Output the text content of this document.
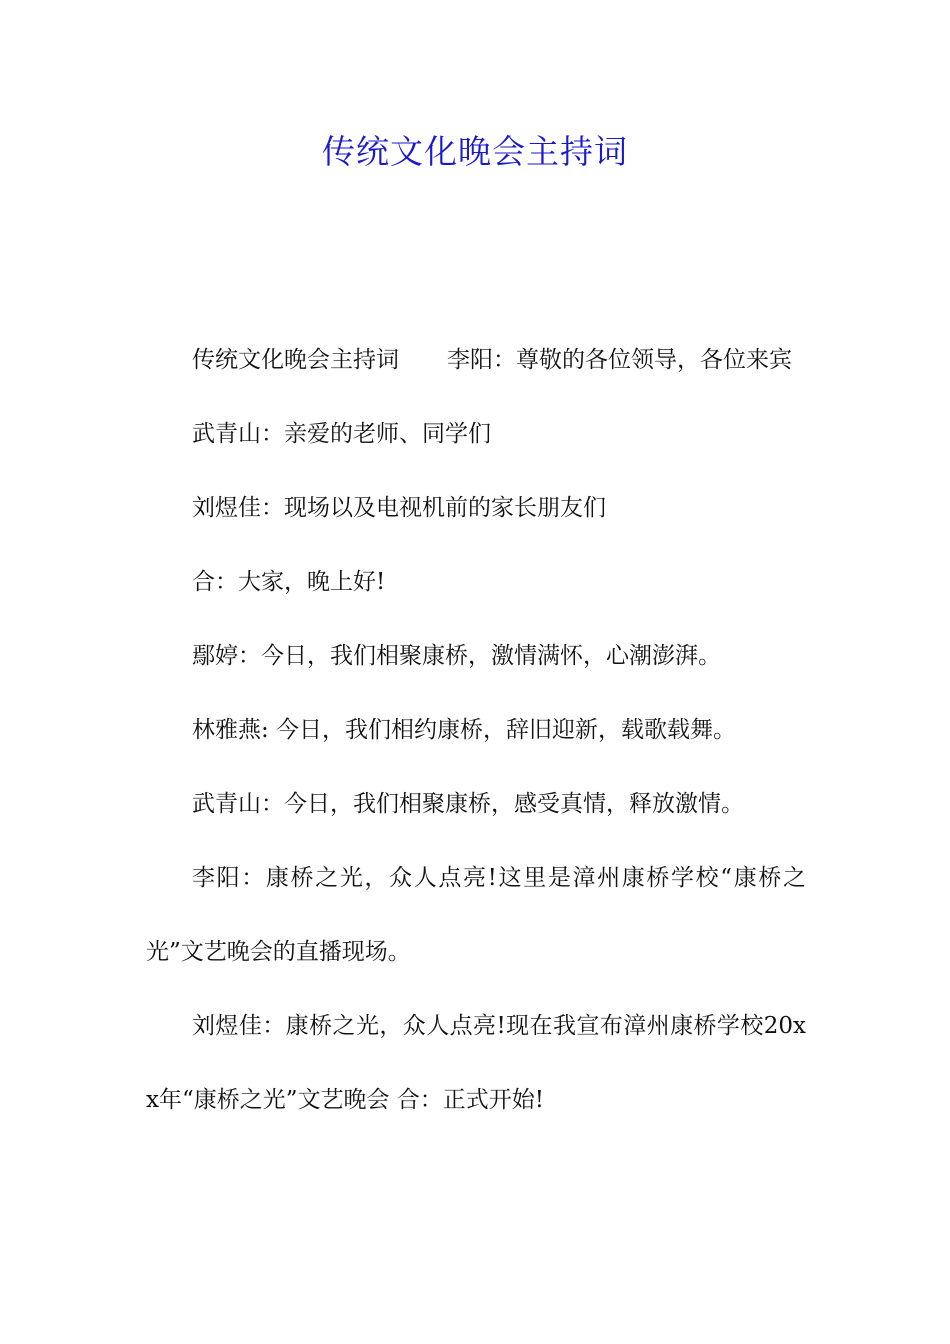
传统文化晚会主持词

传统文化晚会主持词 李阳：尊敬的各位领导，各位来宾

武青山：亲爱的老师、同学们

刘煜佳：现场以及电视机前的家长朋友们

合：大家，晚上好!

鄢婷：今日，我们相聚康桥，激情满怀，心潮澎湃。

林雅燕: 今日，我们相约康桥，辞旧迎新，载歌载舞。

武青山：今日，我们相聚康桥，感受真情，释放激情。

李阳：康桥之光，众人点亮!这里是漳州康桥学校“康桥之光”文艺晚会的直播现场。

刘煜佳：康桥之光，众人点亮!现在我宣布漳州康桥学校20xx年“康桥之光”文艺晚会 合：正式开始!
